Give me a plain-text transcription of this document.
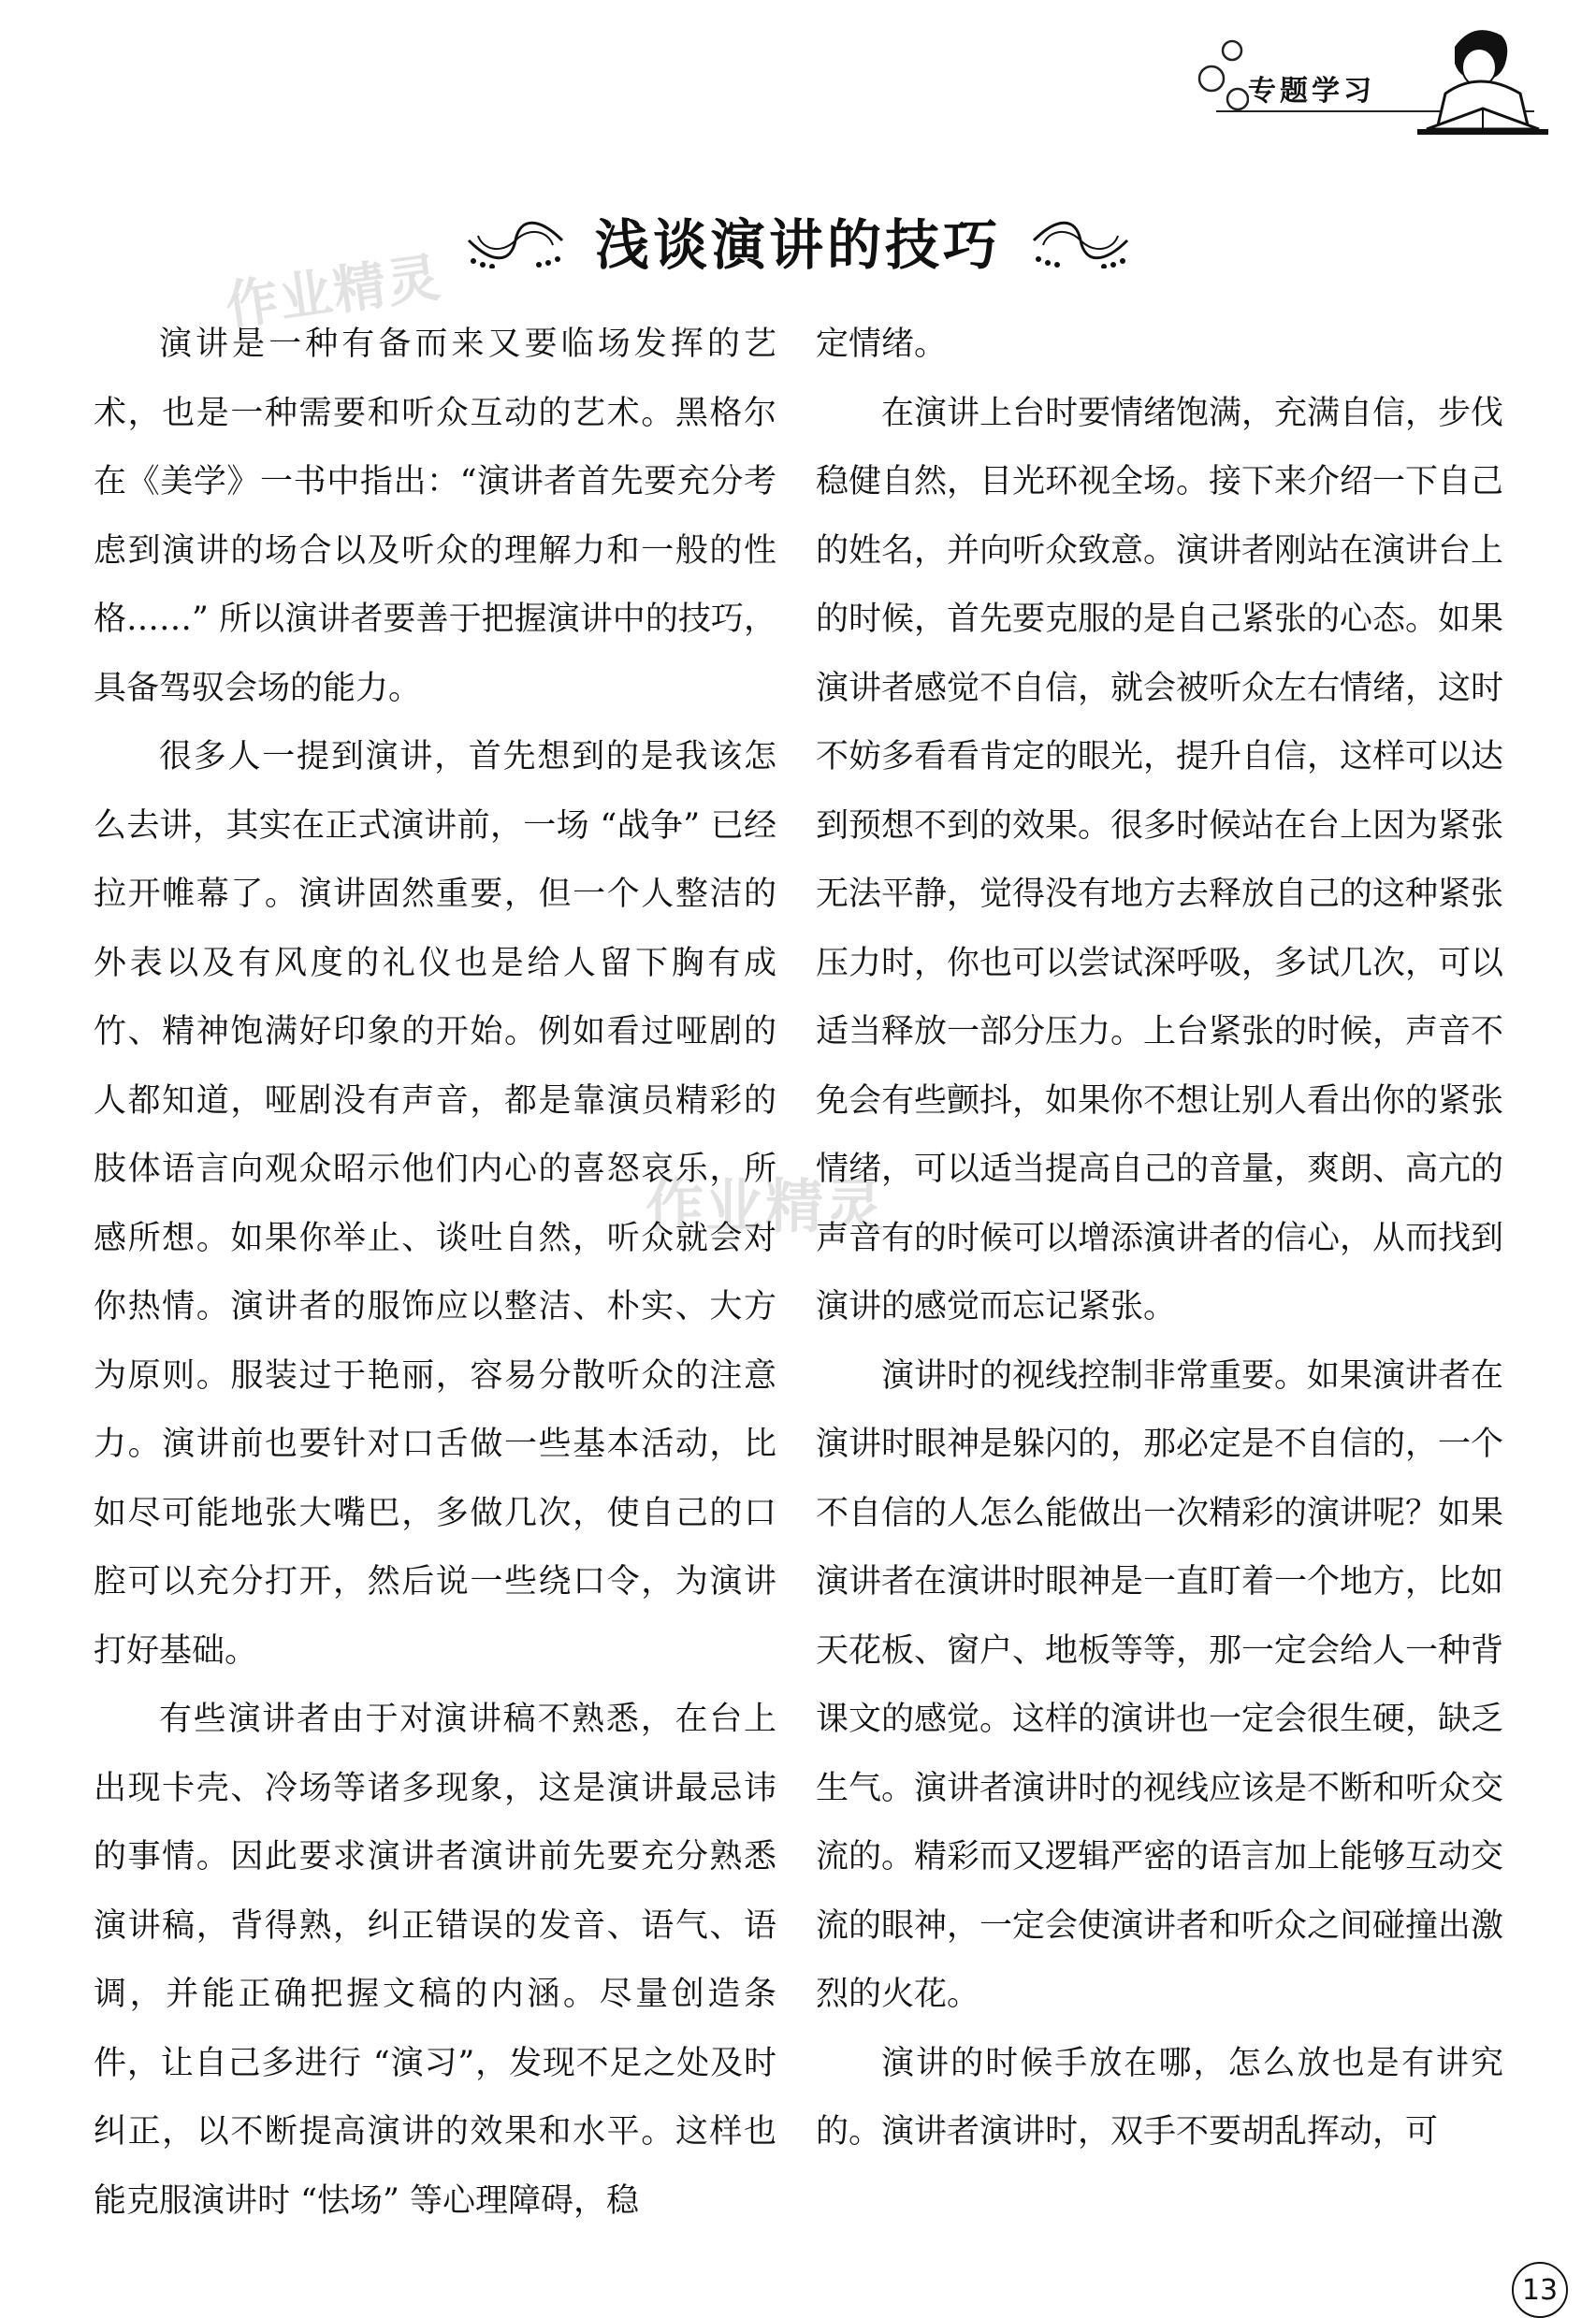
专题学习
浅谈演讲的技巧
作业精灵
作业精灵

演讲是一种有备而来又要临场发挥的艺术，也是一种需要和听众互动的艺术。黑格尔在《美学》一书中指出：“演讲者首先要充分考虑到演讲的场合以及听众的理解力和一般的性格……” 所以演讲者要善于把握演讲中的技巧，具备驾驭会场的能力。

很多人一提到演讲，首先想到的是我该怎么去讲，其实在正式演讲前，一场 “战争” 已经拉开帷幕了。演讲固然重要，但一个人整洁的外表以及有风度的礼仪也是给人留下胸有成竹、精神饱满好印象的开始。例如看过哑剧的人都知道，哑剧没有声音，都是靠演员精彩的肢体语言向观众昭示他们内心的喜怒哀乐，所感所想。如果你举止、谈吐自然，听众就会对你热情。演讲者的服饰应以整洁、朴实、大方为原则。服装过于艳丽，容易分散听众的注意力。演讲前也要针对口舌做一些基本活动，比如尽可能地张大嘴巴，多做几次，使自己的口腔可以充分打开，然后说一些绕口令，为演讲打好基础。

有些演讲者由于对演讲稿不熟悉，在台上出现卡壳、冷场等诸多现象，这是演讲最忌讳的事情。因此要求演讲者演讲前先要充分熟悉演讲稿，背得熟，纠正错误的发音、语气、语调，并能正确把握文稿的内涵。尽量创造条件，让自己多进行 “演习”，发现不足之处及时纠正，以不断提高演讲的效果和水平。这样也能克服演讲时 “怯场” 等心理障碍，稳

定情绪。

在演讲上台时要情绪饱满，充满自信，步伐稳健自然，目光环视全场。接下来介绍一下自己的姓名，并向听众致意。演讲者刚站在演讲台上的时候，首先要克服的是自己紧张的心态。如果演讲者感觉不自信，就会被听众左右情绪，这时不妨多看看肯定的眼光，提升自信，这样可以达到预想不到的效果。很多时候站在台上因为紧张无法平静，觉得没有地方去释放自己的这种紧张压力时，你也可以尝试深呼吸，多试几次，可以适当释放一部分压力。上台紧张的时候，声音不免会有些颤抖，如果你不想让别人看出你的紧张情绪，可以适当提高自己的音量，爽朗、高亢的声音有的时候可以增添演讲者的信心，从而找到演讲的感觉而忘记紧张。

演讲时的视线控制非常重要。如果演讲者在演讲时眼神是躲闪的，那必定是不自信的，一个不自信的人怎么能做出一次精彩的演讲呢？如果演讲者在演讲时眼神是一直盯着一个地方，比如天花板、窗户、地板等等，那一定会给人一种背课文的感觉。这样的演讲也一定会很生硬，缺乏生气。演讲者演讲时的视线应该是不断和听众交流的。精彩而又逻辑严密的语言加上能够互动交流的眼神，一定会使演讲者和听众之间碰撞出激烈的火花。

演讲的时候手放在哪，怎么放也是有讲究的。演讲者演讲时，双手不要胡乱挥动，可

13
